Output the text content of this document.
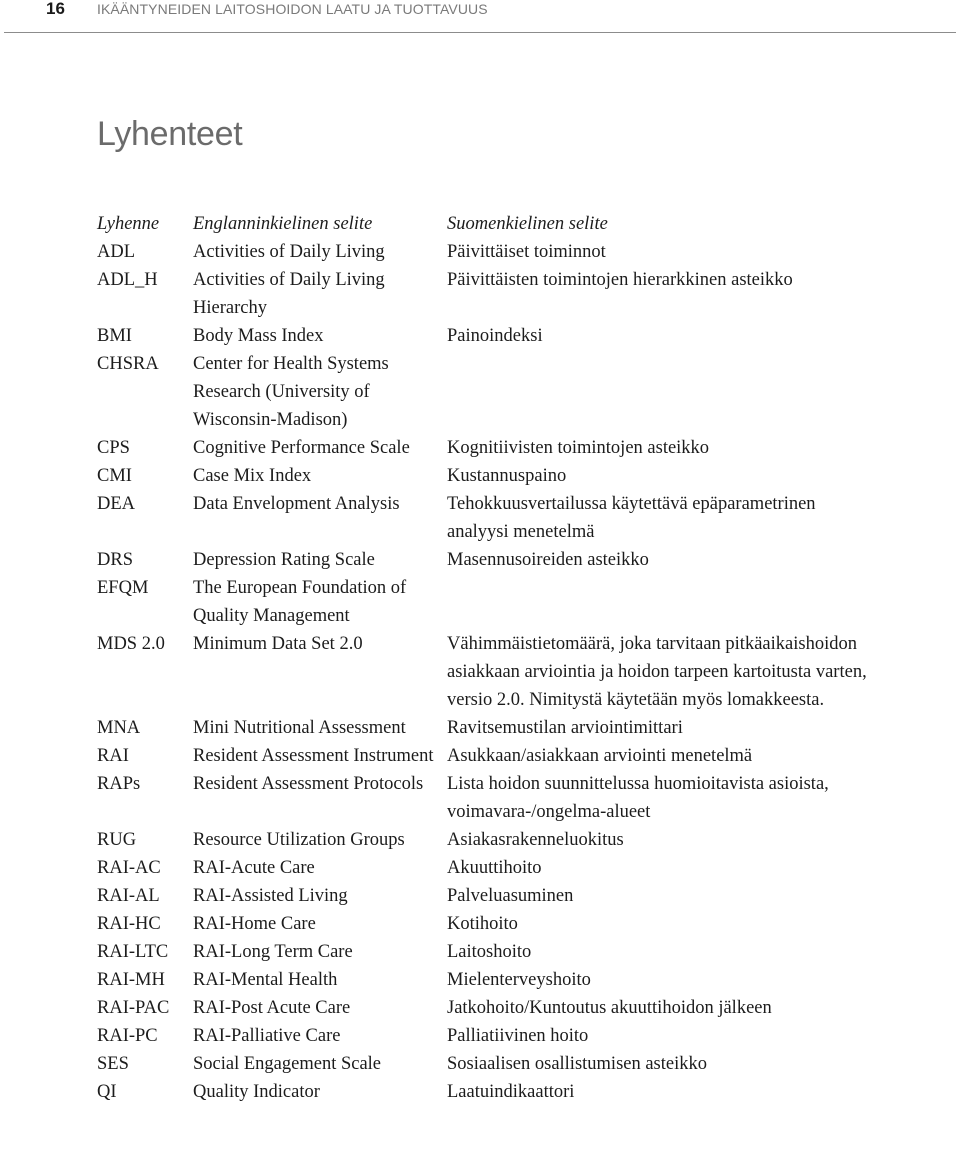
16 IKÄÄNTYNEIDEN LAITOSHOIDON LAATU JA TUOTTAVUUS
Lyhenteet
Lyhenne	Englanninkielinen selite	Suomenkielinen selite
ADL	Activities of Daily Living	Päivittäiset toiminnot
ADL_H	Activities of Daily Living Hierarchy	Päivittäisten toimintojen hierarkkinen asteikko
BMI	Body Mass Index	Painoindeksi
CHSRA	Center for Health Systems Research (University of Wisconsin-Madison)	
CPS	Cognitive Performance Scale	Kognitiivisten toimintojen asteikko
CMI	Case Mix Index	Kustannuspaino
DEA	Data Envelopment Analysis	Tehokkuusvertailussa käytettävä epäparametrinen analyysi menetelmä
DRS	Depression Rating Scale	Masennusoireiden asteikko
EFQM	The European Foundation of Quality Management	
MDS 2.0	Minimum Data Set 2.0	Vähimmäistietomäärä, joka tarvitaan pitkäaikaishoidon asiakkaan arviointia ja hoidon tarpeen kartoitusta varten, versio 2.0. Nimitystä käytetään myös lomakkeesta.
MNA	Mini Nutritional Assessment	Ravitsemustilan arviointimittari
RAI	Resident Assessment Instrument	Asukkaan/asiakkaan arviointi menetelmä
RAPs	Resident Assessment Protocols	Lista hoidon suunnittelussa huomioitavista asioista, voimavara-/ongelma-alueet
RUG	Resource Utilization Groups	Asiakasrakenneluokitus
RAI-AC	RAI-Acute Care	Akuuttihoito
RAI-AL	RAI-Assisted Living	Palveluasuminen
RAI-HC	RAI-Home Care	Kotihoito
RAI-LTC	RAI-Long Term Care	Laitoshoito
RAI-MH	RAI-Mental Health	Mielenterveyshoito
RAI-PAC	RAI-Post Acute Care	Jatkohoito/Kuntoutus akuuttihoidon jälkeen
RAI-PC	RAI-Palliative Care	Palliatiivinen hoito
SES	Social Engagement Scale	Sosiaalisen osallistumisen asteikko
QI	Quality Indicator	Laatuindikaattori
